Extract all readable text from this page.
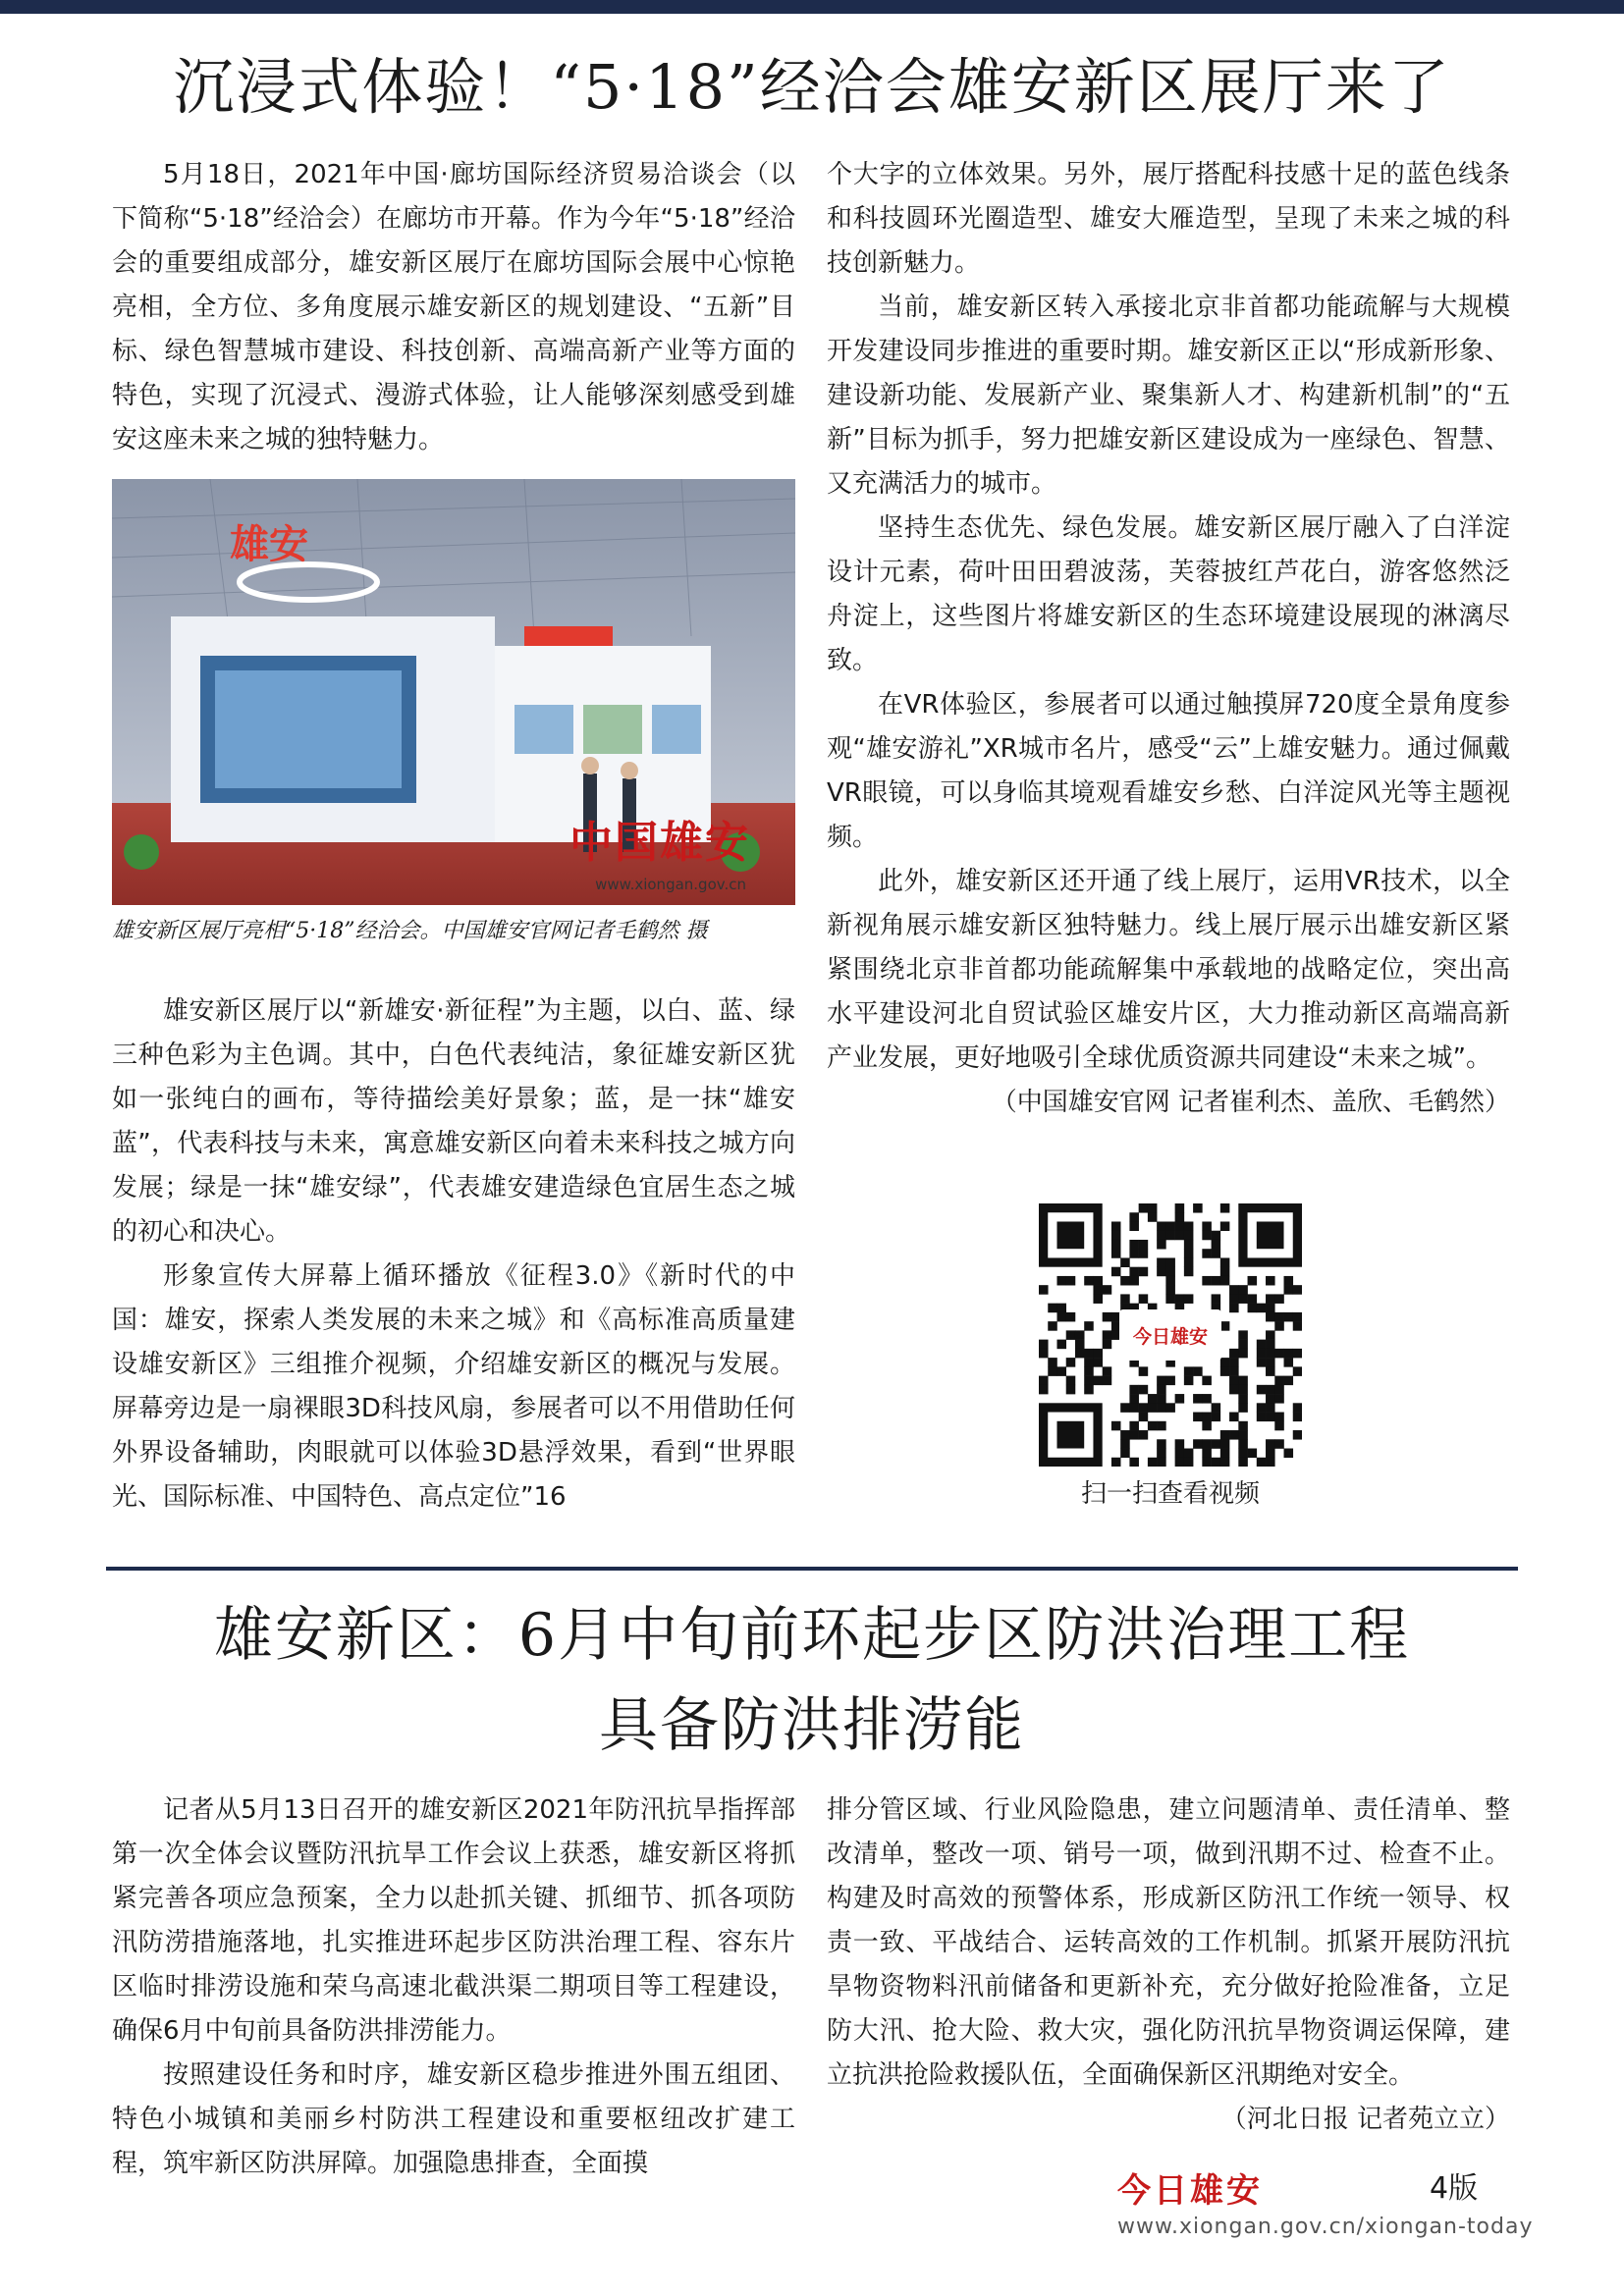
沉浸式体验！“5·18”经洽会雄安新区展厅来了

5月18日，2021年中国·廊坊国际经济贸易洽谈会（以下简称“5·18”经洽会）在廊坊市开幕。作为今年“5·18”经洽会的重要组成部分，雄安新区展厅在廊坊国际会展中心惊艳亮相，全方位、多角度展示雄安新区的规划建设、“五新”目标、绿色智慧城市建设、科技创新、高端高新产业等方面的特色，实现了沉浸式、漫游式体验，让人能够深刻感受到雄安这座未来之城的独特魅力。

雄安
中国雄安
www.xiongan.gov.cn
雄安新区展厅亮相“5·18”经洽会。中国雄安官网记者毛鹤然 摄

雄安新区展厅以“新雄安·新征程”为主题，以白、蓝、绿三种色彩为主色调。其中，白色代表纯洁，象征雄安新区犹如一张纯白的画布，等待描绘美好景象；蓝，是一抹“雄安蓝”，代表科技与未来，寓意雄安新区向着未来科技之城方向发展；绿是一抹“雄安绿”，代表雄安建造绿色宜居生态之城的初心和决心。

形象宣传大屏幕上循环播放《征程3.0》《新时代的中国：雄安，探索人类发展的未来之城》和《高标准高质量建设雄安新区》三组推介视频，介绍雄安新区的概况与发展。屏幕旁边是一扇裸眼3D科技风扇，参展者可以不用借助任何外界设备辅助，肉眼就可以体验3D悬浮效果，看到“世界眼光、国际标准、中国特色、高点定位”16

个大字的立体效果。另外，展厅搭配科技感十足的蓝色线条和科技圆环光圈造型、雄安大雁造型，呈现了未来之城的科技创新魅力。

当前，雄安新区转入承接北京非首都功能疏解与大规模开发建设同步推进的重要时期。雄安新区正以“形成新形象、建设新功能、发展新产业、聚集新人才、构建新机制”的“五新”目标为抓手，努力把雄安新区建设成为一座绿色、智慧、又充满活力的城市。

坚持生态优先、绿色发展。雄安新区展厅融入了白洋淀设计元素，荷叶田田碧波荡，芙蓉披红芦花白，游客悠然泛舟淀上，这些图片将雄安新区的生态环境建设展现的淋漓尽致。

在VR体验区，参展者可以通过触摸屏720度全景角度参观“雄安游礼”XR城市名片，感受“云”上雄安魅力。通过佩戴VR眼镜，可以身临其境观看雄安乡愁、白洋淀风光等主题视频。

此外，雄安新区还开通了线上展厅，运用VR技术，以全新视角展示雄安新区独特魅力。线上展厅展示出雄安新区紧紧围绕北京非首都功能疏解集中承载地的战略定位，突出高水平建设河北自贸试验区雄安片区，大力推动新区高端高新产业发展，更好地吸引全球优质资源共同建设“未来之城”。
（中国雄安官网 记者崔利杰、盖欣、毛鹤然）

今日雄安
扫一扫查看视频
雄安新区：6月中旬前环起步区防洪治理工程
具备防洪排涝能

记者从5月13日召开的雄安新区2021年防汛抗旱指挥部第一次全体会议暨防汛抗旱工作会议上获悉，雄安新区将抓紧完善各项应急预案，全力以赴抓关键、抓细节、抓各项防汛防涝措施落地，扎实推进环起步区防洪治理工程、容东片区临时排涝设施和荣乌高速北截洪渠二期项目等工程建设，确保6月中旬前具备防洪排涝能力。

按照建设任务和时序，雄安新区稳步推进外围五组团、特色小城镇和美丽乡村防洪工程建设和重要枢纽改扩建工程，筑牢新区防洪屏障。加强隐患排查，全面摸

排分管区域、行业风险隐患，建立问题清单、责任清单、整改清单，整改一项、销号一项，做到汛期不过、检查不止。构建及时高效的预警体系，形成新区防汛工作统一领导、权责一致、平战结合、运转高效的工作机制。抓紧开展防汛抗旱物资物料汛前储备和更新补充，充分做好抢险准备，立足防大汛、抢大险、救大灾，强化防汛抗旱物资调运保障，建立抗洪抢险救援队伍，全面确保新区汛期绝对安全。
（河北日报 记者苑立立）

今日雄安	4版
www.xiongan.gov.cn/xiongan-today
